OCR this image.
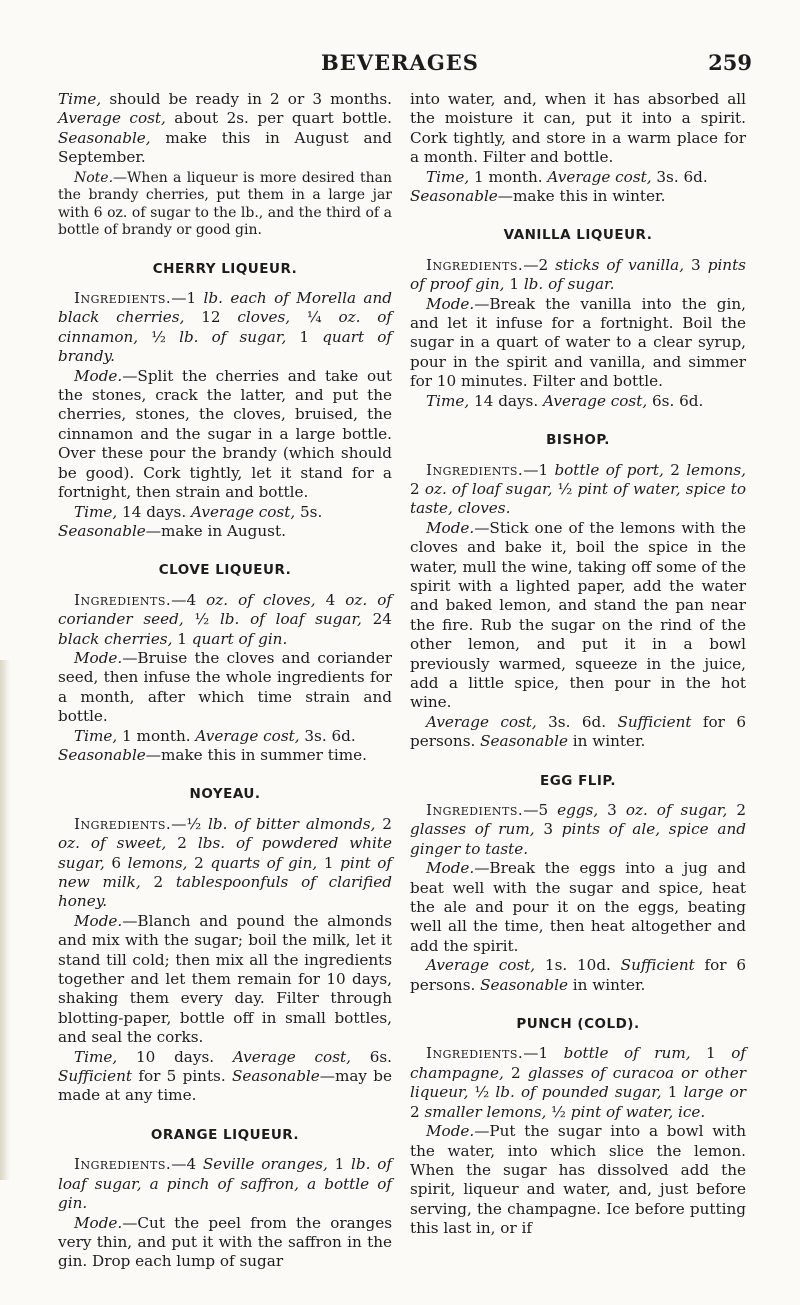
BEVERAGES	259

Time, should be ready in 2 or 3 months. Average cost, about 2s. per quart bottle. Seasonable, make this in August and September.

Note.—When a liqueur is more desired than the brandy cherries, put them in a large jar with 6 oz. of sugar to the lb., and the third of a bottle of brandy or good gin.

CHERRY LIQUEUR.

Ingredients.—1 lb. each of Morella and black cherries, 12 cloves, ¼ oz. of cinnamon, ½ lb. of sugar, 1 quart of brandy.

Mode.—Split the cherries and take out the stones, crack the latter, and put the cherries, stones, the cloves, bruised, the cinnamon and the sugar in a large bottle. Over these pour the brandy (which should be good). Cork tightly, let it stand for a fortnight, then strain and bottle.

Time, 14 days. Average cost, 5s.

Seasonable—make in August.

CLOVE LIQUEUR.

Ingredients.—4 oz. of cloves, 4 oz. of coriander seed, ½ lb. of loaf sugar, 24 black cherries, 1 quart of gin.

Mode.—Bruise the cloves and coriander seed, then infuse the whole ingredients for a month, after which time strain and bottle.

Time, 1 month. Average cost, 3s. 6d.

Seasonable—make this in summer time.

NOYEAU.

Ingredients.—½ lb. of bitter almonds, 2 oz. of sweet, 2 lbs. of powdered white sugar, 6 lemons, 2 quarts of gin, 1 pint of new milk, 2 tablespoonfuls of clarified honey.

Mode.—Blanch and pound the almonds and mix with the sugar; boil the milk, let it stand till cold; then mix all the ingredients together and let them remain for 10 days, shaking them every day. Filter through blotting-paper, bottle off in small bottles, and seal the corks.

Time, 10 days. Average cost, 6s. Sufficient for 5 pints. Seasonable—may be made at any time.

ORANGE LIQUEUR.

Ingredients.—4 Seville oranges, 1 lb. of loaf sugar, a pinch of saffron, a bottle of gin.

Mode.—Cut the peel from the oranges very thin, and put it with the saffron in the gin. Drop each lump of sugar

into water, and, when it has absorbed all the moisture it can, put it into a spirit. Cork tightly, and store in a warm place for a month. Filter and bottle.

Time, 1 month. Average cost, 3s. 6d.

Seasonable—make this in winter.

VANILLA LIQUEUR.

Ingredients.—2 sticks of vanilla, 3 pints of proof gin, 1 lb. of sugar.

Mode.—Break the vanilla into the gin, and let it infuse for a fortnight. Boil the sugar in a quart of water to a clear syrup, pour in the spirit and vanilla, and simmer for 10 minutes. Filter and bottle.

Time, 14 days. Average cost, 6s. 6d.

BISHOP.

Ingredients.—1 bottle of port, 2 lemons, 2 oz. of loaf sugar, ½ pint of water, spice to taste, cloves.

Mode.—Stick one of the lemons with the cloves and bake it, boil the spice in the water, mull the wine, taking off some of the spirit with a lighted paper, add the water and baked lemon, and stand the pan near the fire. Rub the sugar on the rind of the other lemon, and put it in a bowl previously warmed, squeeze in the juice, add a little spice, then pour in the hot wine.

Average cost, 3s. 6d. Sufficient for 6 persons. Seasonable in winter.

EGG FLIP.

Ingredients.—5 eggs, 3 oz. of sugar, 2 glasses of rum, 3 pints of ale, spice and ginger to taste.

Mode.—Break the eggs into a jug and beat well with the sugar and spice, heat the ale and pour it on the eggs, beating well all the time, then heat altogether and add the spirit.

Average cost, 1s. 10d. Sufficient for 6 persons. Seasonable in winter.

PUNCH (COLD).

Ingredients.—1 bottle of rum, 1 of champagne, 2 glasses of curacoa or other liqueur, ½ lb. of pounded sugar, 1 large or 2 smaller lemons, ½ pint of water, ice.

Mode.—Put the sugar into a bowl with the water, into which slice the lemon. When the sugar has dissolved add the spirit, liqueur and water, and, just before serving, the champagne. Ice before putting this last in, or if
